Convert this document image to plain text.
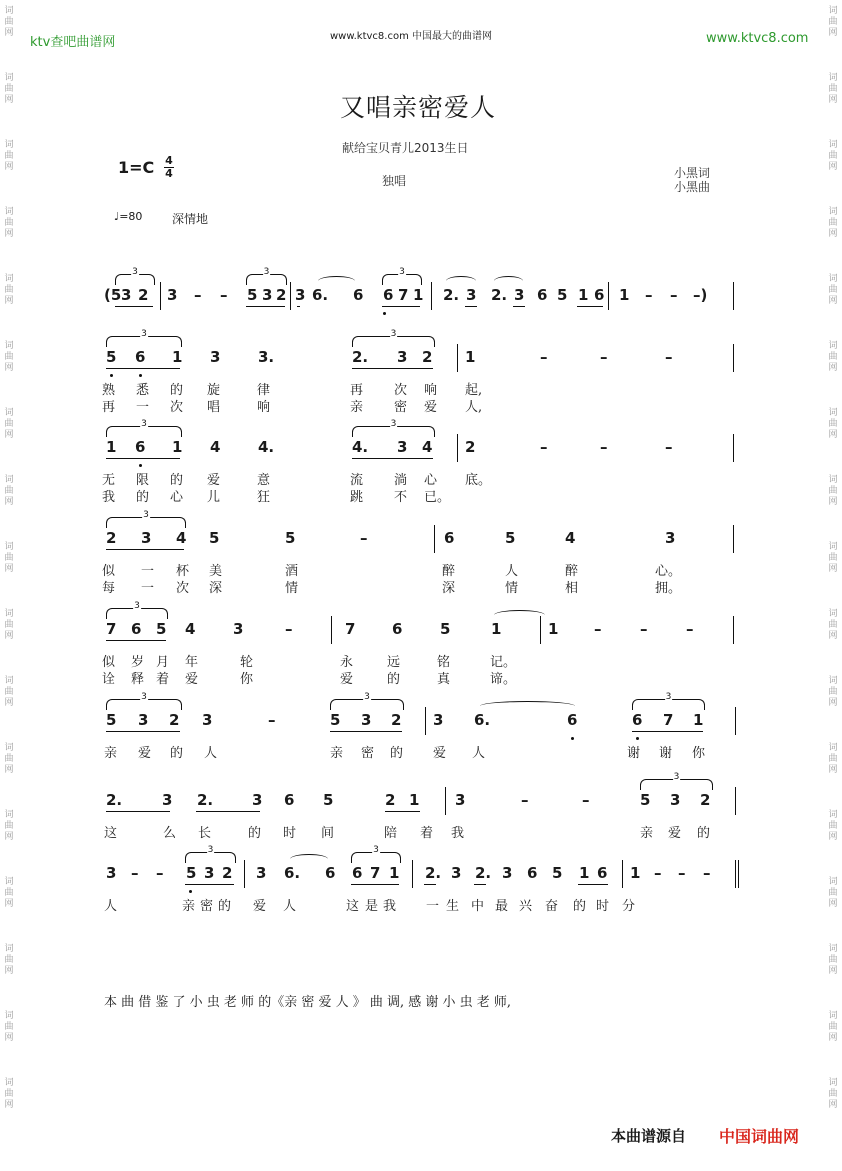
词
曲
网
词
曲
网
词
曲
网
词
曲
网
词
曲
网
词
曲
网
词
曲
网
词
曲
网
词
曲
网
词
曲
网
词
曲
网
词
曲
网
词
曲
网
词
曲
网
词
曲
网
词
曲
网
词
曲
网
词
曲
网
词
曲
网
词
曲
网
词
曲
网
词
曲
网
词
曲
网
词
曲
网
词
曲
网
词
曲
网
词
曲
网
词
曲
网
词
曲
网
词
曲
网
词
曲
网
词
曲
网
词
曲
网
词
曲
网
ktv查吧曲谱网	www.ktvc8.com 中国最大的曲谱网	www.ktvc8.com
又唱亲密爱人
献给宝贝青儿2013生日
1=C 4
4
独唱
小黑词
小黑曲
♩=80 深情地
(5 3 2 3 – – 5 3 2 3 6. 6 6 7 1 2. 3 2. 3 6 5 1 6 1 – – –)
3	3	3
5 6 1 3	3.	2. 3 2 1	–	–	–
3	3
熟 悉 的 旋	律	再 次 响 起,
再 一 次 唱	响	亲 密 爱 人,
1 6 1 4	4.	4. 3 4 2	–	–	–
3	3
无 限 的 爱	意	流 淌 心 底。
我 的 心 儿	狂	跳 不 已。
2 3 4 5	5	–	6	5	4	3
3
似 一 杯 美	酒	醉	人	醉	心。
每 一 次 深	情	深	情	相	拥。
7 6 5 4	3	–	7 6	5	1	1 –	–	–
3
似 岁 月 年	轮	永	远	铭	记。
诠 释 着 爱	你	爱	的	真	谛。
5 3 2 3	–	5 3 2 3 6.	6	6 7 1
3	3	3
亲 爱 的 人	亲 密 的 爱 人	谢 谢 你
2.	3 2.	3 6 5	2 1 3	–	–	5 3 2
3
这	么 长	的 时 间	陪 着 我	亲 爱 的
3 – – 5 3 2 3 6. 6 6 7 1 2. 3 2. 3 6 5 1 6 1 – – –
3	3
人	亲 密 的 爱 人	这 是 我 一 生 中 最 兴 奋 的 时 分
本 曲 借 鉴 了 小 虫 老 师 的《亲 密 爱 人 》 曲 调, 感 谢 小 虫 老 师,
本曲谱源自 中国词曲网
